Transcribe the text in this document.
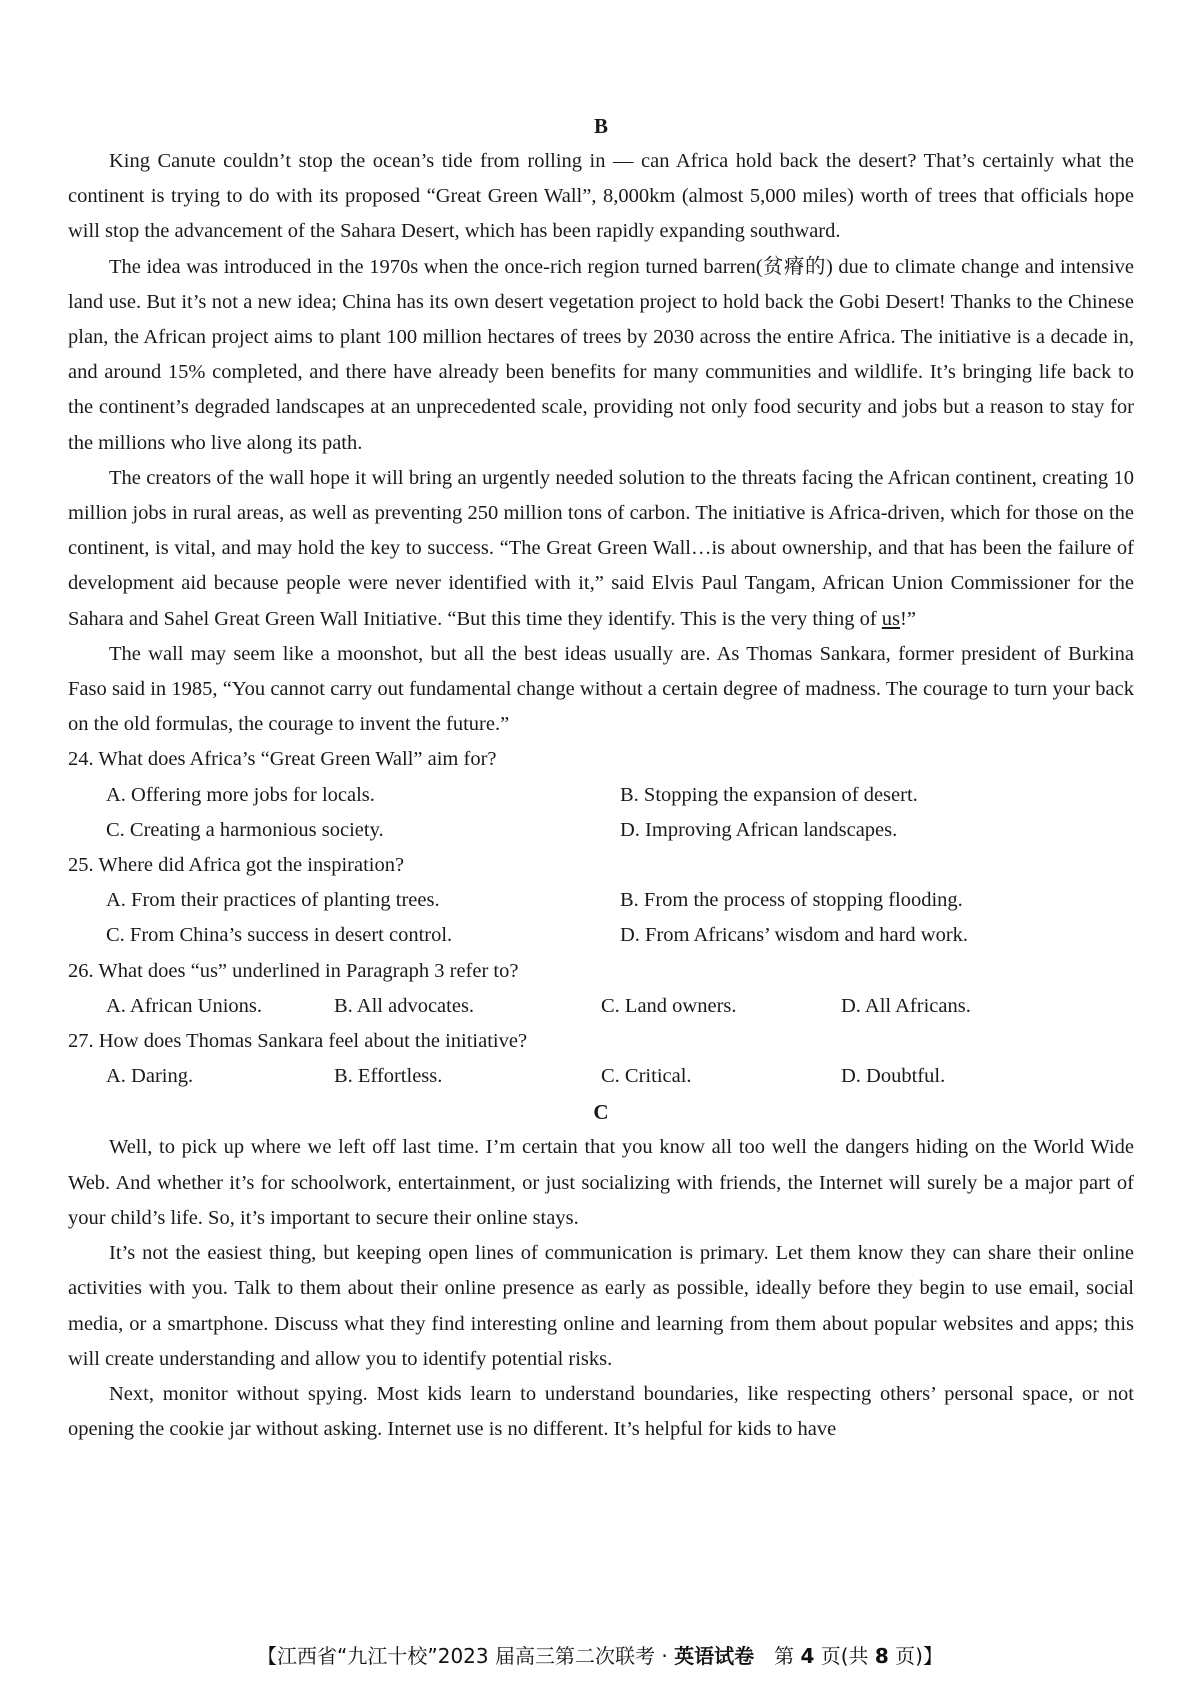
B

King Canute couldn’t stop the ocean’s tide from rolling in — can Africa hold back the desert? That’s certainly what the continent is trying to do with its proposed “Great Green Wall”, 8,000km (almost 5,000 miles) worth of trees that officials hope will stop the advancement of the Sahara Desert, which has been rapidly expanding southward.

The idea was introduced in the 1970s when the once-rich region turned barren(贫瘠的) due to climate change and intensive land use. But it’s not a new idea; China has its own desert vegetation project to hold back the Gobi Desert! Thanks to the Chinese plan, the African project aims to plant 100 million hectares of trees by 2030 across the entire Africa. The initiative is a decade in, and around 15% completed, and there have already been benefits for many communities and wildlife. It’s bringing life back to the continent’s degraded landscapes at an unprecedented scale, providing not only food security and jobs but a reason to stay for the millions who live along its path.

The creators of the wall hope it will bring an urgently needed solution to the threats facing the African continent, creating 10 million jobs in rural areas, as well as preventing 250 million tons of carbon. The initiative is Africa-driven, which for those on the continent, is vital, and may hold the key to success. “The Great Green Wall…is about ownership, and that has been the failure of development aid because people were never identified with it,” said Elvis Paul Tangam, African Union Commissioner for the Sahara and Sahel Great Green Wall Initiative. “But this time they identify. This is the very thing of us!”

The wall may seem like a moonshot, but all the best ideas usually are. As Thomas Sankara, former president of Burkina Faso said in 1985, “You cannot carry out fundamental change without a certain degree of madness. The courage to turn your back on the old formulas, the courage to invent the future.”

24. What does Africa’s “Great Green Wall” aim for?

A. Offering more jobs for locals.	B. Stopping the expansion of desert.
C. Creating a harmonious society.	D. Improving African landscapes.

25. Where did Africa got the inspiration?

A. From their practices of planting trees.	B. From the process of stopping flooding.
C. From China’s success in desert control.	D. From Africans’ wisdom and hard work.

26. What does “us” underlined in Paragraph 3 refer to?

A. African Unions.	B. All advocates.	C. Land owners.	D. All Africans.

27. How does Thomas Sankara feel about the initiative?

A. Daring.	B. Effortless.	C. Critical.	D. Doubtful.
C

Well, to pick up where we left off last time. I’m certain that you know all too well the dangers hiding on the World Wide Web. And whether it’s for schoolwork, entertainment, or just socializing with friends, the Internet will surely be a major part of your child’s life. So, it’s important to secure their online stays.

It’s not the easiest thing, but keeping open lines of communication is primary. Let them know they can share their online activities with you. Talk to them about their online presence as early as possible, ideally before they begin to use email, social media, or a smartphone. Discuss what they find interesting online and learning from them about popular websites and apps; this will create understanding and allow you to identify potential risks.

Next, monitor without spying. Most kids learn to understand boundaries, like respecting others’ personal space, or not opening the cookie jar without asking. Internet use is no different. It’s helpful for kids to have

【江西省“九江十校”2023 届高三第二次联考 · 英语试卷　第 4 页(共 8 页)】
